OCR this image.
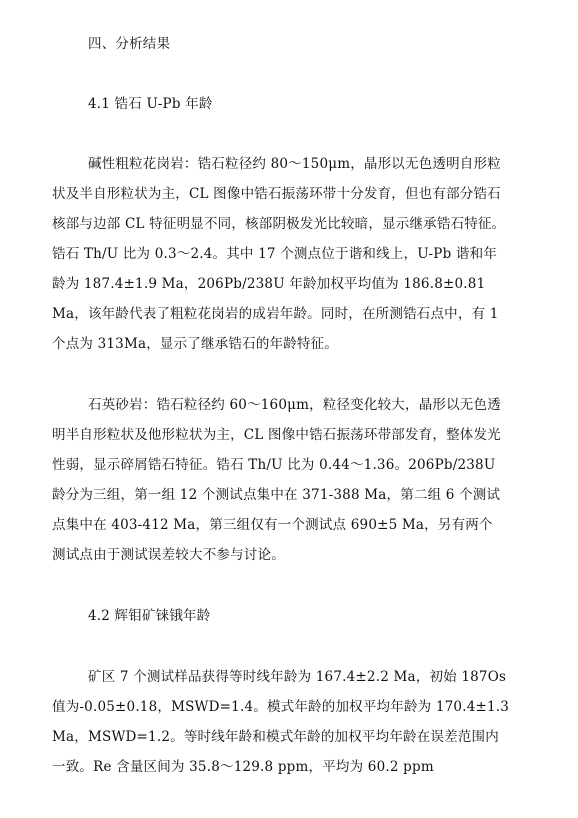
四、分析结果
4.1 锆石 U-Pb 年龄
碱性粗粒花岗岩：锆石粒径约 80～150μm，晶形以无色透明自形粒
状及半自形粒状为主，CL 图像中锆石振荡环带十分发育，但也有部分锆石
核部与边部 CL 特征明显不同，核部阴极发光比较暗，显示继承锆石特征。
锆石 Th/U 比为 0.3～2.4。其中 17 个测点位于谐和线上，U-Pb 谐和年
龄为 187.4±1.9 Ma，206Pb/238U 年龄加权平均值为 186.8±0.81
Ma，该年龄代表了粗粒花岗岩的成岩年龄。同时，在所测锆石点中，有 1
个点为 313Ma，显示了继承锆石的年龄特征。
石英砂岩：锆石粒径约 60～160μm，粒径变化较大，晶形以无色透
明半自形粒状及他形粒状为主，CL 图像中锆石振荡环带部发育，整体发光
性弱，显示碎屑锆石特征。锆石 Th/U 比为 0.44～1.36。206Pb/238U
龄分为三组，第一组 12 个测试点集中在 371-388 Ma，第二组 6 个测试
点集中在 403-412 Ma，第三组仅有一个测试点 690±5 Ma，另有两个
测试点由于测试误差较大不参与讨论。
4.2 辉钼矿铼锇年龄
矿区 7 个测试样品获得等时线年龄为 167.4±2.2 Ma，初始 187Os
值为-0.05±0.18，MSWD=1.4。模式年龄的加权平均年龄为 170.4±1.3
Ma，MSWD=1.2。等时线年龄和模式年龄的加权平均年龄在误差范围内
一致。Re 含量区间为 35.8～129.8 ppm，平均为 60.2 ppm
